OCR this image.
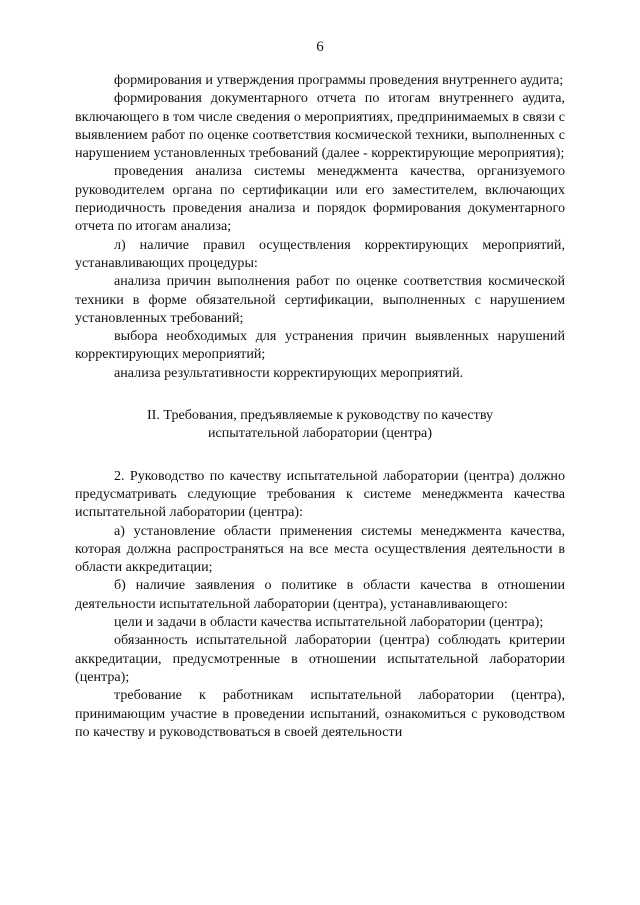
6

формирования и утверждения программы проведения внутреннего аудита;

формирования документарного отчета по итогам внутреннего аудита, включающего в том числе сведения о мероприятиях, предпринимаемых в связи с выявлением работ по оценке соответствия космической техники, выполненных с нарушением установленных требований (далее - корректирующие мероприятия);

проведения анализа системы менеджмента качества, организуемого руководителем органа по сертификации или его заместителем, включающих периодичность проведения анализа и порядок формирования документарного отчета по итогам анализа;

л) наличие правил осуществления корректирующих мероприятий, устанавливающих процедуры:

анализа причин выполнения работ по оценке соответствия космической техники в форме обязательной сертификации, выполненных с нарушением установленных требований;

выбора необходимых для устранения причин выявленных нарушений корректирующих мероприятий;

анализа результативности корректирующих мероприятий.

II. Требования, предъявляемые к руководству по качеству
испытательной лаборатории (центра)

2. Руководство по качеству испытательной лаборатории (центра) должно предусматривать следующие требования к системе менеджмента качества испытательной лаборатории (центра):

а) установление области применения системы менеджмента качества, которая должна распространяться на все места осуществления деятельности в области аккредитации;

б) наличие заявления о политике в области качества в отношении деятельности испытательной лаборатории (центра), устанавливающего:

цели и задачи в области качества испытательной лаборатории (центра);

обязанность испытательной лаборатории (центра) соблюдать критерии аккредитации, предусмотренные в отношении испытательной лаборатории (центра);

требование к работникам испытательной лаборатории (центра), принимающим участие в проведении испытаний, ознакомиться с руководством по качеству и руководствоваться в своей деятельности
